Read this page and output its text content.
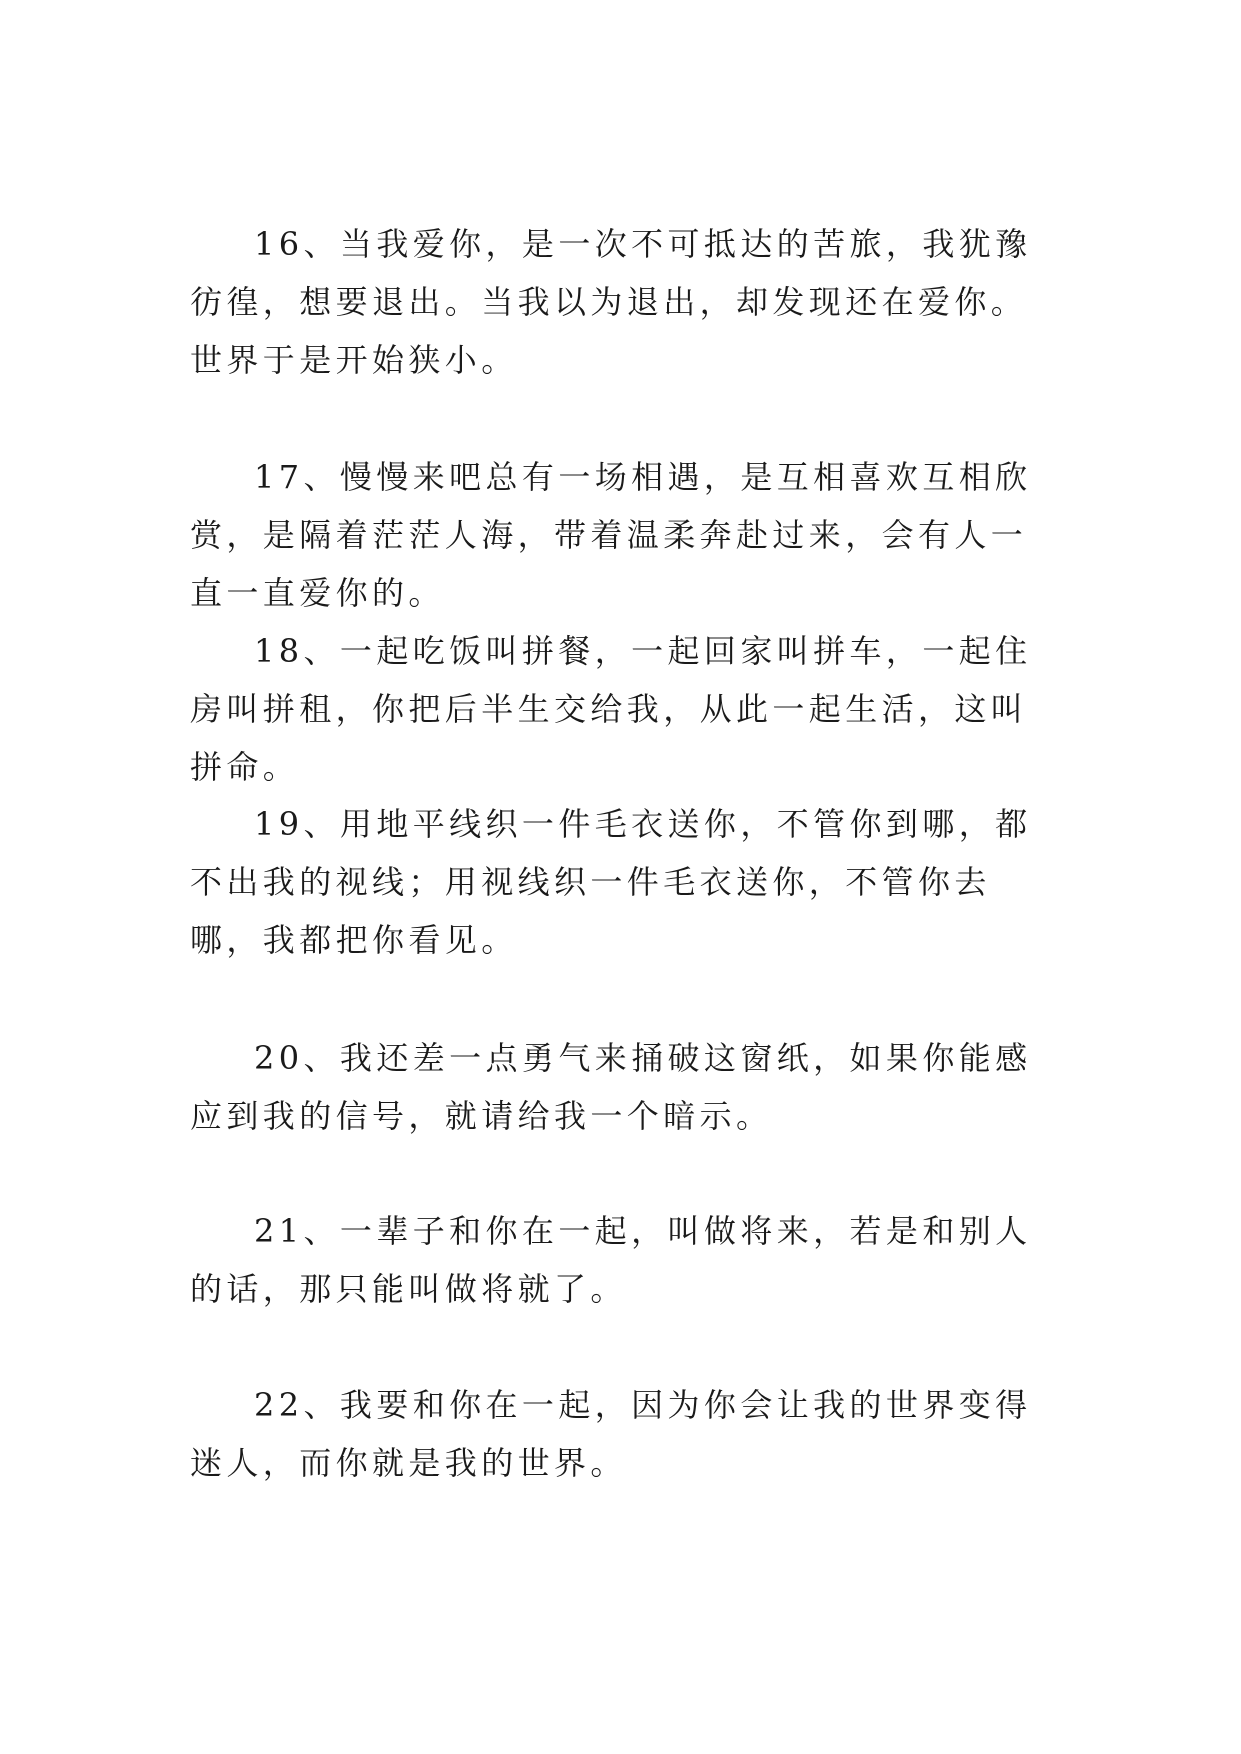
16、当我爱你，是一次不可抵达的苦旅，我犹豫彷徨，想要退出。当我以为退出，却发现还在爱你。世界于是开始狭小。

17、慢慢来吧总有一场相遇，是互相喜欢互相欣赏，是隔着茫茫人海，带着温柔奔赴过来，会有人一直一直爱你的。

18、一起吃饭叫拼餐，一起回家叫拼车，一起住房叫拼租，你把后半生交给我，从此一起生活，这叫拼命。

19、用地平线织一件毛衣送你，不管你到哪，都不出我的视线；用视线织一件毛衣送你，不管你去哪，我都把你看见。

20、我还差一点勇气来捅破这窗纸，如果你能感应到我的信号，就请给我一个暗示。

21、一辈子和你在一起，叫做将来，若是和别人的话，那只能叫做将就了。

22、我要和你在一起，因为你会让我的世界变得迷人，而你就是我的世界。
